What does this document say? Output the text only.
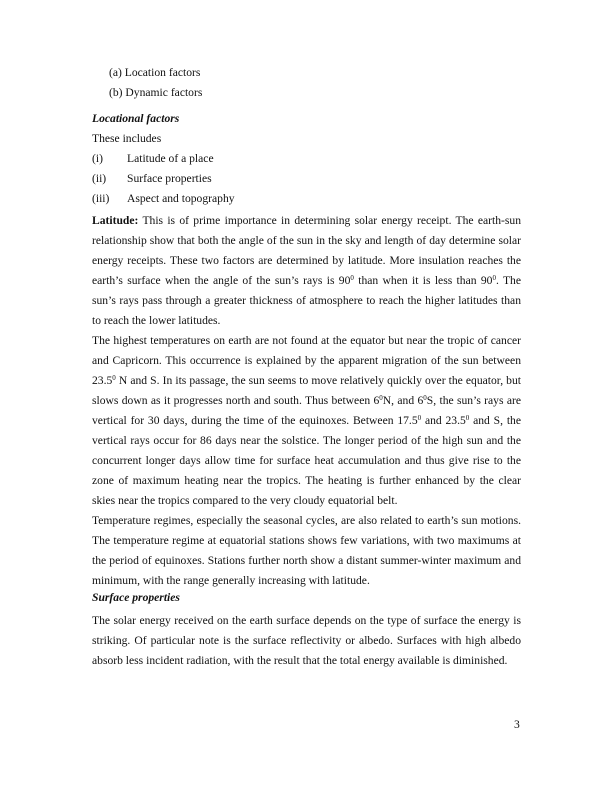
(a) Location factors
(b) Dynamic factors
Locational factors
These includes
(i) Latitude of a place
(ii) Surface properties
(iii) Aspect and topography

Latitude: This is of prime importance in determining solar energy receipt. The earth-sun relationship show that both the angle of the sun in the sky and length of day determine solar energy receipts. These two factors are determined by latitude. More insulation reaches the earth’s surface when the angle of the sun’s rays is $90^0$ than when it is less than $90^0$. The sun’s rays pass through a greater thickness of atmosphere to reach the higher latitudes than to reach the lower latitudes.

The highest temperatures on earth are not found at the equator but near the tropic of cancer and Capricorn. This occurrence is explained by the apparent migration of the sun between 23.5$^0$ N and S. In its passage, the sun seems to move relatively quickly over the equator, but slows down as it progresses north and south. Thus between $6^0N$, and $6^0S$, the sun’s rays are vertical for 30 days, during the time of the equinoxes. Between 17.5$^0$ and 23.5$^0$ and S, the vertical rays occur for 86 days near the solstice. The longer period of the high sun and the concurrent longer days allow time for surface heat accumulation and thus give rise to the zone of maximum heating near the tropics. The heating is further enhanced by the clear skies near the tropics compared to the very cloudy equatorial belt.

Temperature regimes, especially the seasonal cycles, are also related to earth’s sun motions. The temperature regime at equatorial stations shows few variations, with two maximums at the period of equinoxes. Stations further north show a distant summer-winter maximum and minimum, with the range generally increasing with latitude.

Surface properties
The solar energy received on the earth surface depends on the type of surface the energy is striking. Of particular note is the surface reflectivity or albedo. Surfaces with high albedo absorb less incident radiation, with the result that the total energy available is diminished.
3
